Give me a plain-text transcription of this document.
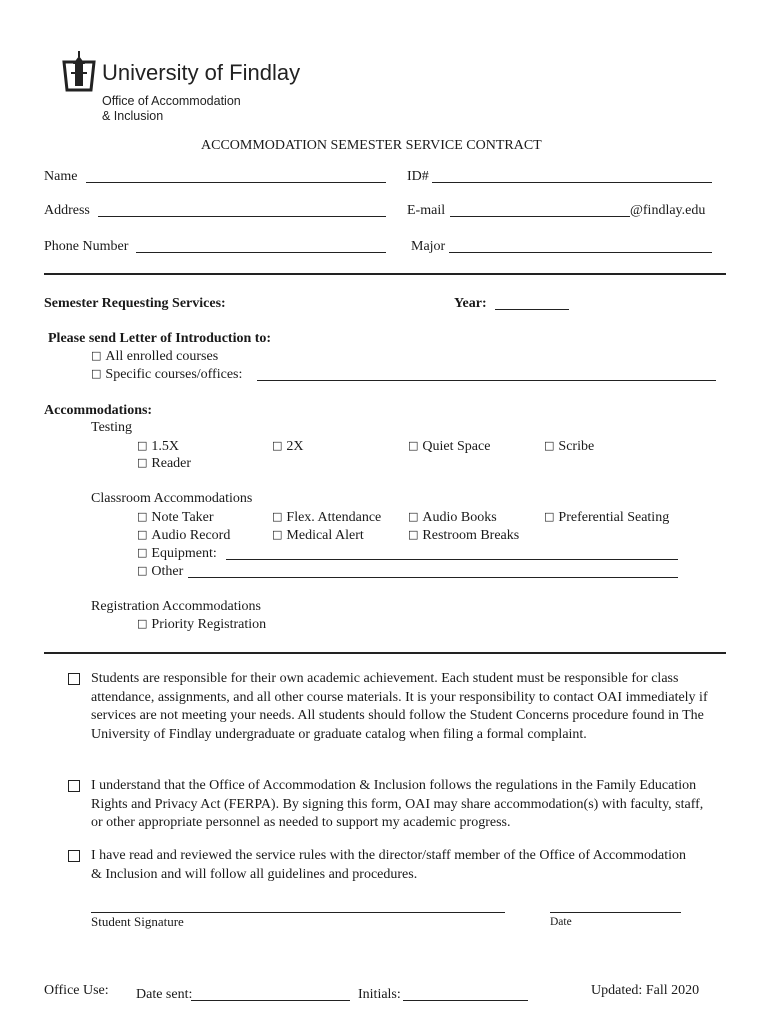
University of Findlay
Office of Accommodation
& Inclusion
ACCOMMODATION SEMESTER SERVICE CONTRACT
Name	ID#
Address	E-mail	@findlay.edu
Phone Number	Major
Semester Requesting Services:	Year:
Please send Letter of Introduction to:
□ All enrolled courses
□ Specific courses/offices:
Accommodations:
Testing
□ 1.5X	□ 2X	□ Quiet Space	□ Scribe
□ Reader
Classroom Accommodations
□ Note Taker	□ Flex. Attendance □ Audio Books	□ Preferential Seating
□ Audio Record	□ Medical Alert	□ Restroom Breaks
□ Equipment:
□ Other
Registration Accommodations
□ Priority Registration
Students are responsible for their own academic achievement. Each student must be responsible for class attendance, assignments, and all other course materials. It is your responsibility to contact OAI immediately if services are not meeting your needs. All students should follow the Student Concerns procedure found in The University of Findlay undergraduate or graduate catalog when filing a formal complaint.
I understand that the Office of Accommodation & Inclusion follows the regulations in the Family Education Rights and Privacy Act (FERPA). By signing this form, OAI may share accommodation(s) with faculty, staff, or other appropriate personnel as needed to support my academic progress.
I have read and reviewed the service rules with the director/staff member of the Office of Accommodation & Inclusion and will follow all guidelines and procedures.
Student Signature	Date
Office Use: Date sent:	Initials:	Updated: Fall 2020
